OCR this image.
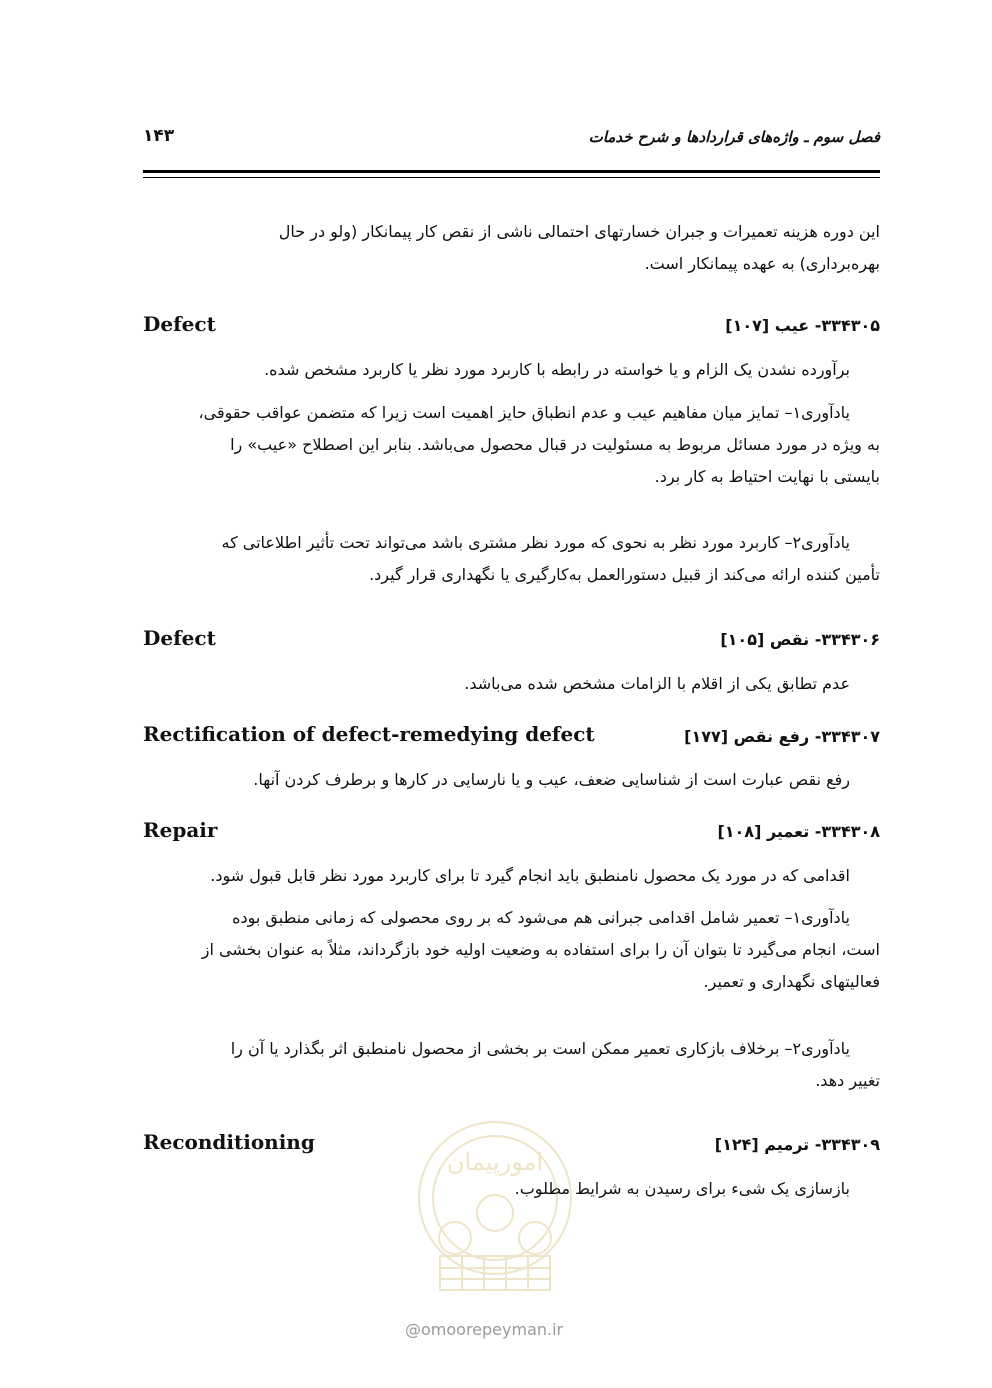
فصل سوم ـ واژه‌های قراردادها و شرح خدمات
۱۴۳
این دوره هزینه تعمیرات و جبران خسارتهای احتمالی ناشی از نقص کار پیمانکار (ولو در حال
بهره‌برداری) به عهده پیمانکار است.
۳۳۴۳۰۵- عیب [۱۰۷]
Defect
برآورده نشدن یک الزام و یا خواسته در رابطه با کاربرد مورد نظر یا کاربرد مشخص شده.
یادآوری۱– تمایز میان مفاهیم عیب و عدم انطباق حایز اهمیت است زیرا که متضمن عواقب حقوقی،
به ویژه در مورد مسائل مربوط به مسئولیت در قبال محصول می‌باشد. بنابر این اصطلاح «عیب» را
بایستی با نهایت احتیاط به کار برد.
یادآوری۲– کاربرد مورد نظر به نحوی که مورد نظر مشتری باشد می‌تواند تحت تأثیر اطلاعاتی که
تأمین کننده ارائه می‌کند از قبیل دستورالعمل به‌کارگیری یا نگهداری قرار گیرد.
۳۳۴۳۰۶- نقص [۱۰۵]
Defect
عدم تطابق یکی از اقلام با الزامات مشخص شده می‌باشد.
۳۳۴۳۰۷- رفع نقص [۱۷۷]
Rectification of defect-remedying defect
رفع نقص عبارت است از شناسایی ضعف، عیب و یا نارسایی در کارها و برطرف کردن آنها.
۳۳۴۳۰۸- تعمیر [۱۰۸]
Repair
اقدامی که در مورد یک محصول نامنطبق باید انجام گیرد تا برای کاربرد مورد نظر قابل قبول شود.
یادآوری۱– تعمیر شامل اقدامی جبرانی هم می‌شود که بر روی محصولی که زمانی منطبق بوده
است، انجام می‌گیرد تا بتوان آن را برای استفاده به وضعیت اولیه خود بازگرداند، مثلاً به عنوان بخشی از
فعالیتهای نگهداری و تعمیر.
یادآوری۲– برخلاف بازکاری تعمیر ممکن است بر بخشی از محصول نامنطبق اثر بگذارد یا آن را
تغییر دهد.
۳۳۴۳۰۹- ترمیم [۱۲۴]
Reconditioning
بازسازی یک شیء برای رسیدن به شرایط مطلوب.
امورپیمان
@omoorepeyman.ir
